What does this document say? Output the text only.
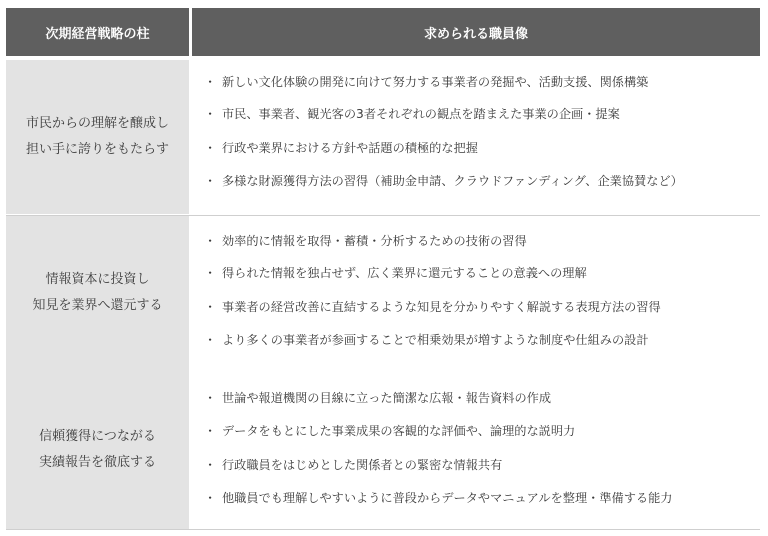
次期経営戦略の柱	求められる職員像
市民からの理解を醸成し
担い手に誇りをもたらす
・ 新しい文化体験の開発に向けて努力する事業者の発掘や、活動支援、関係構築
・ 市民、事業者、観光客の3者それぞれの観点を踏まえた事業の企画・提案
・ 行政や業界における方針や話題の積極的な把握
・ 多様な財源獲得方法の習得（補助金申請、クラウドファンディング、企業協賛など）
情報資本に投資し
知見を業界へ還元する
・ 効率的に情報を取得・蓄積・分析するための技術の習得
・ 得られた情報を独占せず、広く業界に還元することの意義への理解
・ 事業者の経営改善に直結するような知見を分かりやすく解説する表現方法の習得
・ より多くの事業者が参画することで相乗効果が増すような制度や仕組みの設計
信頼獲得につながる
実績報告を徹底する
・ 世論や報道機関の目線に立った簡潔な広報・報告資料の作成
・ データをもとにした事業成果の客観的な評価や、論理的な説明力
・ 行政職員をはじめとした関係者との緊密な情報共有
・ 他職員でも理解しやすいように普段からデータやマニュアルを整理・準備する能力
